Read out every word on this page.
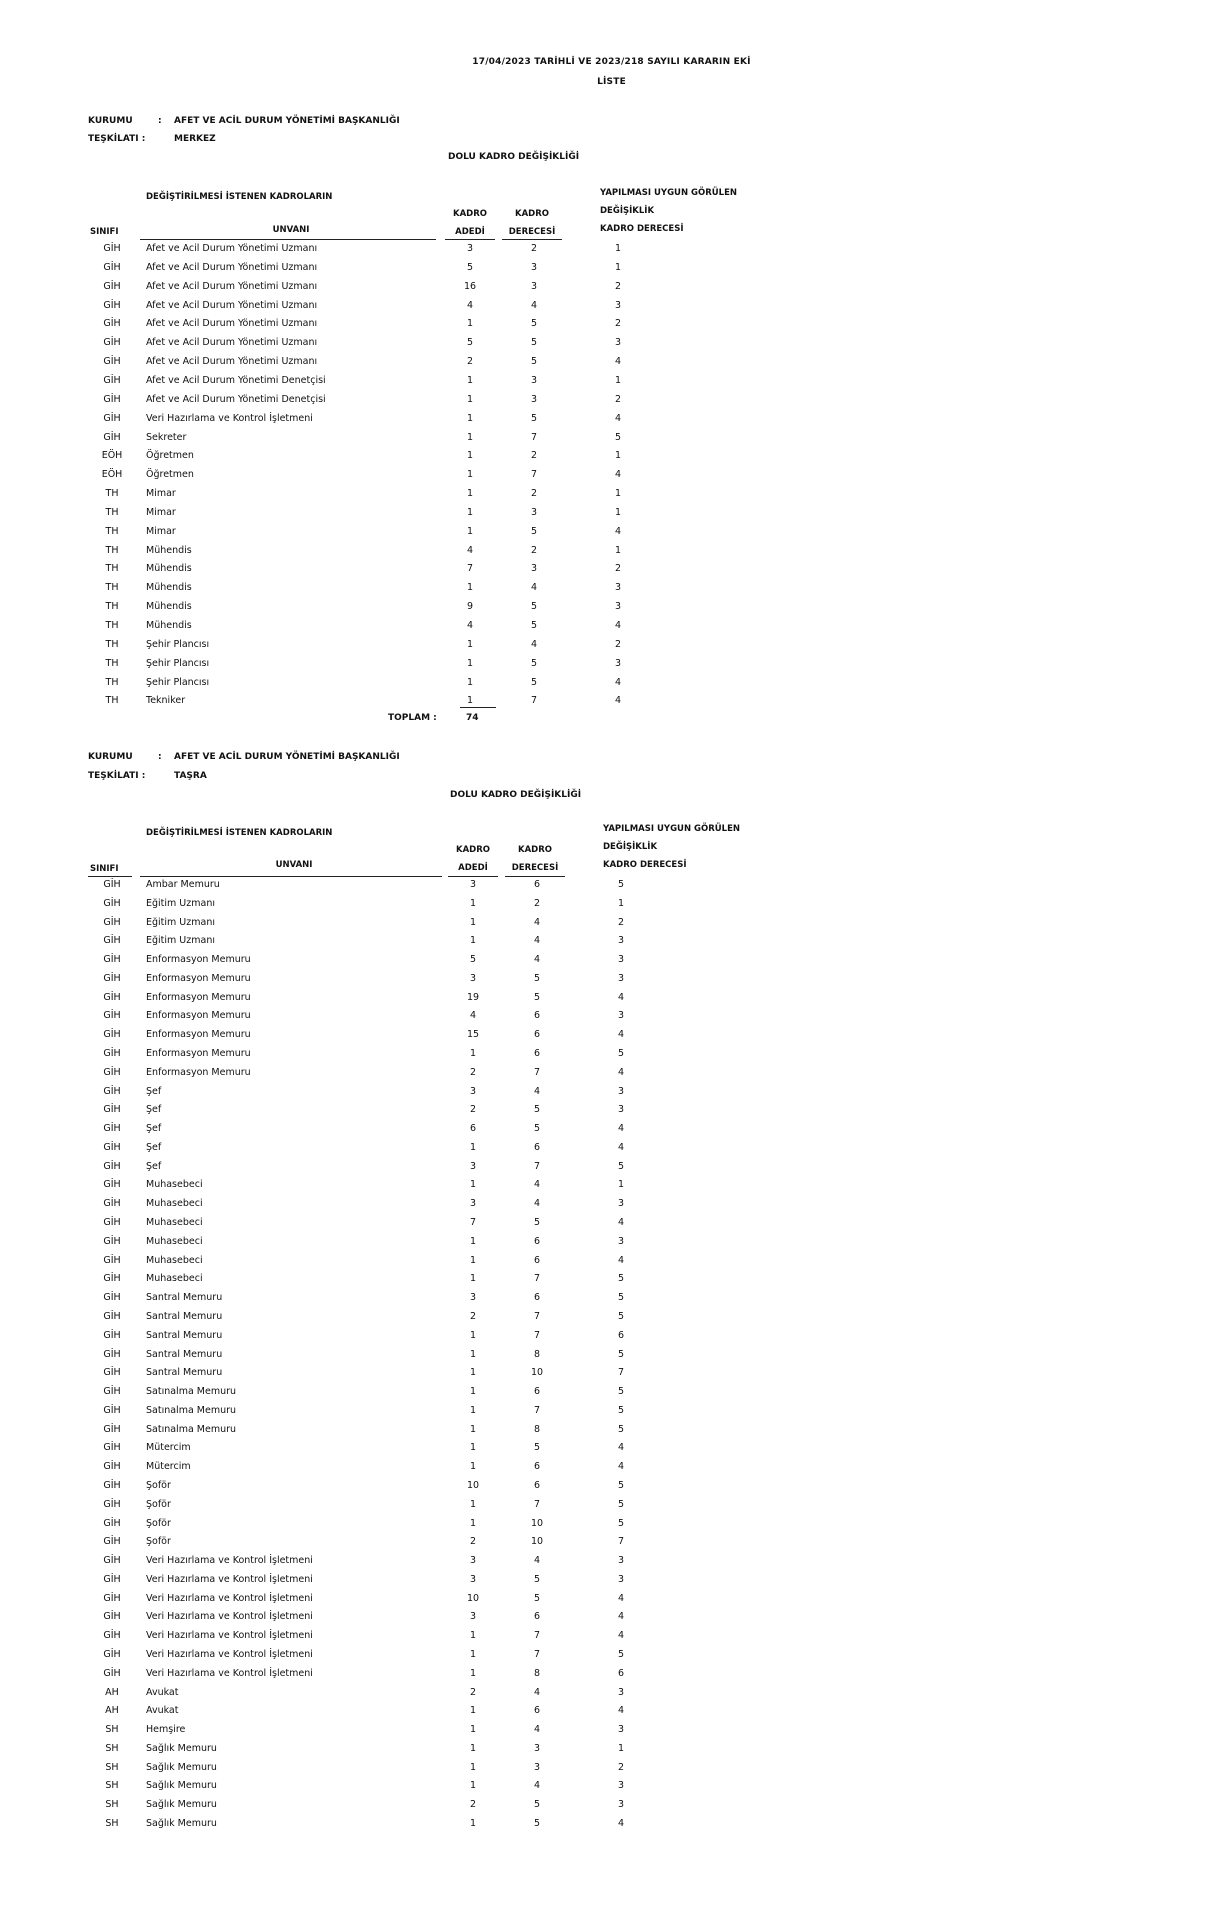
17/04/2023 TARİHLİ VE 2023/218 SAYILI KARARIN EKİ
LİSTE
KURUMU	: AFET VE ACİL DURUM YÖNETİMİ BAŞKANLIĞI
TEŞKİLATI :	MERKEZ
DOLU KADRO DEĞİŞİKLİĞİ
DEĞİŞTİRİLMESİ İSTENEN KADROLARIN
KADRO	KADRO
ADEDİ	DERECESİ
SINIFI	UNVANI
YAPILMASI UYGUN GÖRÜLEN
DEĞİŞİKLİK
KADRO DERECESİ
GİH	Afet ve Acil Durum Yönetimi Uzmanı	3	2	1
GİH	Afet ve Acil Durum Yönetimi Uzmanı	5	3	1
GİH	Afet ve Acil Durum Yönetimi Uzmanı	16	3	2
GİH	Afet ve Acil Durum Yönetimi Uzmanı	4	4	3
GİH	Afet ve Acil Durum Yönetimi Uzmanı	1	5	2
GİH	Afet ve Acil Durum Yönetimi Uzmanı	5	5	3
GİH	Afet ve Acil Durum Yönetimi Uzmanı	2	5	4
GİH	Afet ve Acil Durum Yönetimi Denetçisi	1	3	1
GİH	Afet ve Acil Durum Yönetimi Denetçisi	1	3	2
GİH	Veri Hazırlama ve Kontrol İşletmeni	1	5	4
GİH	Sekreter	1	7	5
EÖH	Öğretmen	1	2	1
EÖH	Öğretmen	1	7	4
TH	Mimar	1	2	1
TH	Mimar	1	3	1
TH	Mimar	1	5	4
TH	Mühendis	4	2	1
TH	Mühendis	7	3	2
TH	Mühendis	1	4	3
TH	Mühendis	9	5	3
TH	Mühendis	4	5	4
TH	Şehir Plancısı	1	4	2
TH	Şehir Plancısı	1	5	3
TH	Şehir Plancısı	1	5	4
TH	Tekniker	1	7	4
TOPLAM :	74
KURUMU	: AFET VE ACİL DURUM YÖNETİMİ BAŞKANLIĞI
TEŞKİLATI :	TAŞRA
DOLU KADRO DEĞİŞİKLİĞİ
DEĞİŞTİRİLMESİ İSTENEN KADROLARIN
KADRO	KADRO
ADEDİ	DERECESİ
SINIFI	UNVANI
YAPILMASI UYGUN GÖRÜLEN
DEĞİŞİKLİK
KADRO DERECESİ
GİH	Ambar Memuru	3	6	5
GİH	Eğitim Uzmanı	1	2	1
GİH	Eğitim Uzmanı	1	4	2
GİH	Eğitim Uzmanı	1	4	3
GİH	Enformasyon Memuru	5	4	3
GİH	Enformasyon Memuru	3	5	3
GİH	Enformasyon Memuru	19	5	4
GİH	Enformasyon Memuru	4	6	3
GİH	Enformasyon Memuru	15	6	4
GİH	Enformasyon Memuru	1	6	5
GİH	Enformasyon Memuru	2	7	4
GİH	Şef	3	4	3
GİH	Şef	2	5	3
GİH	Şef	6	5	4
GİH	Şef	1	6	4
GİH	Şef	3	7	5
GİH	Muhasebeci	1	4	1
GİH	Muhasebeci	3	4	3
GİH	Muhasebeci	7	5	4
GİH	Muhasebeci	1	6	3
GİH	Muhasebeci	1	6	4
GİH	Muhasebeci	1	7	5
GİH	Santral Memuru	3	6	5
GİH	Santral Memuru	2	7	5
GİH	Santral Memuru	1	7	6
GİH	Santral Memuru	1	8	5
GİH	Santral Memuru	1	10	7
GİH	Satınalma Memuru	1	6	5
GİH	Satınalma Memuru	1	7	5
GİH	Satınalma Memuru	1	8	5
GİH	Mütercim	1	5	4
GİH	Mütercim	1	6	4
GİH	Şoför	10	6	5
GİH	Şoför	1	7	5
GİH	Şoför	1	10	5
GİH	Şoför	2	10	7
GİH	Veri Hazırlama ve Kontrol İşletmeni	3	4	3
GİH	Veri Hazırlama ve Kontrol İşletmeni	3	5	3
GİH	Veri Hazırlama ve Kontrol İşletmeni	10	5	4
GİH	Veri Hazırlama ve Kontrol İşletmeni	3	6	4
GİH	Veri Hazırlama ve Kontrol İşletmeni	1	7	4
GİH	Veri Hazırlama ve Kontrol İşletmeni	1	7	5
GİH	Veri Hazırlama ve Kontrol İşletmeni	1	8	6
AH	Avukat	2	4	3
AH	Avukat	1	6	4
SH	Hemşire	1	4	3
SH	Sağlık Memuru	1	3	1
SH	Sağlık Memuru	1	3	2
SH	Sağlık Memuru	1	4	3
SH	Sağlık Memuru	2	5	3
SH	Sağlık Memuru	1	5	4
